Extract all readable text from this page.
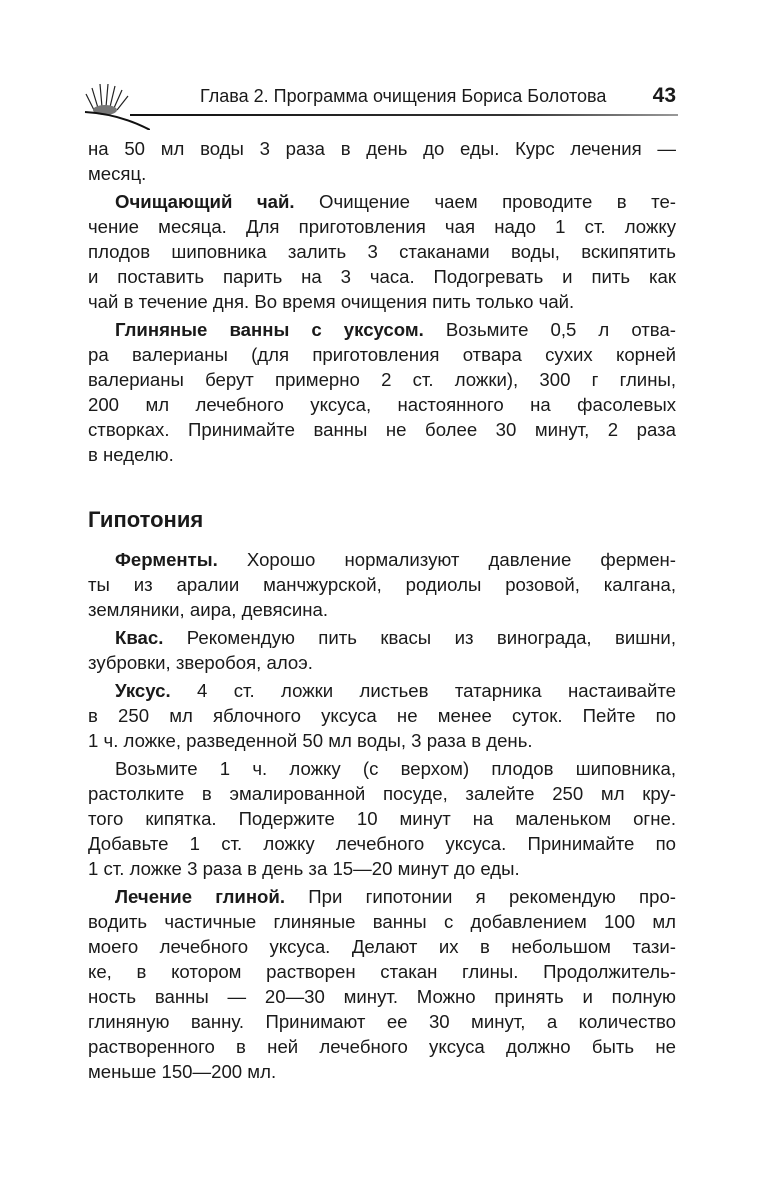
Глава 2. Программа очищения Бориса Болотова 43
на 50 мл воды 3 раза в день до еды. Курс лечения —
месяц.
Очищающий чай. Очищение чаем проводите в те-
чение месяца. Для приготовления чая надо 1 ст. ложку
плодов шиповника залить 3 стаканами воды, вскипятить
и поставить парить на 3 часа. Подогревать и пить как
чай в течение дня. Во время очищения пить только чай.
Глиняные ванны с уксусом. Возьмите 0,5 л отва-
ра валерианы (для приготовления отвара сухих корней
валерианы берут примерно 2 ст. ложки), 300 г глины,
200 мл лечебного уксуса, настоянного на фасолевых
створках. Принимайте ванны не более 30 минут, 2 раза
в неделю.
Гипотония
Ферменты. Хорошо нормализуют давление фермен-
ты из аралии манчжурской, родиолы розовой, калгана,
земляники, аира, девясина.
Квас. Рекомендую пить квасы из винограда, вишни,
зубровки, зверобоя, алоэ.
Уксус. 4 ст. ложки листьев татарника настаивайте
в 250 мл яблочного уксуса не менее суток. Пейте по
1 ч. ложке, разведенной 50 мл воды, 3 раза в день.
Возьмите 1 ч. ложку (с верхом) плодов шиповника,
растолките в эмалированной посуде, залейте 250 мл кру-
того кипятка. Подержите 10 минут на маленьком огне.
Добавьте 1 ст. ложку лечебного уксуса. Принимайте по
1 ст. ложке 3 раза в день за 15—20 минут до еды.
Лечение глиной. При гипотонии я рекомендую про-
водить частичные глиняные ванны с добавлением 100 мл
моего лечебного уксуса. Делают их в небольшом тази-
ке, в котором растворен стакан глины. Продолжитель-
ность ванны — 20—30 минут. Можно принять и полную
глиняную ванну. Принимают ее 30 минут, а количество
растворенного в ней лечебного уксуса должно быть не
меньше 150—200 мл.
